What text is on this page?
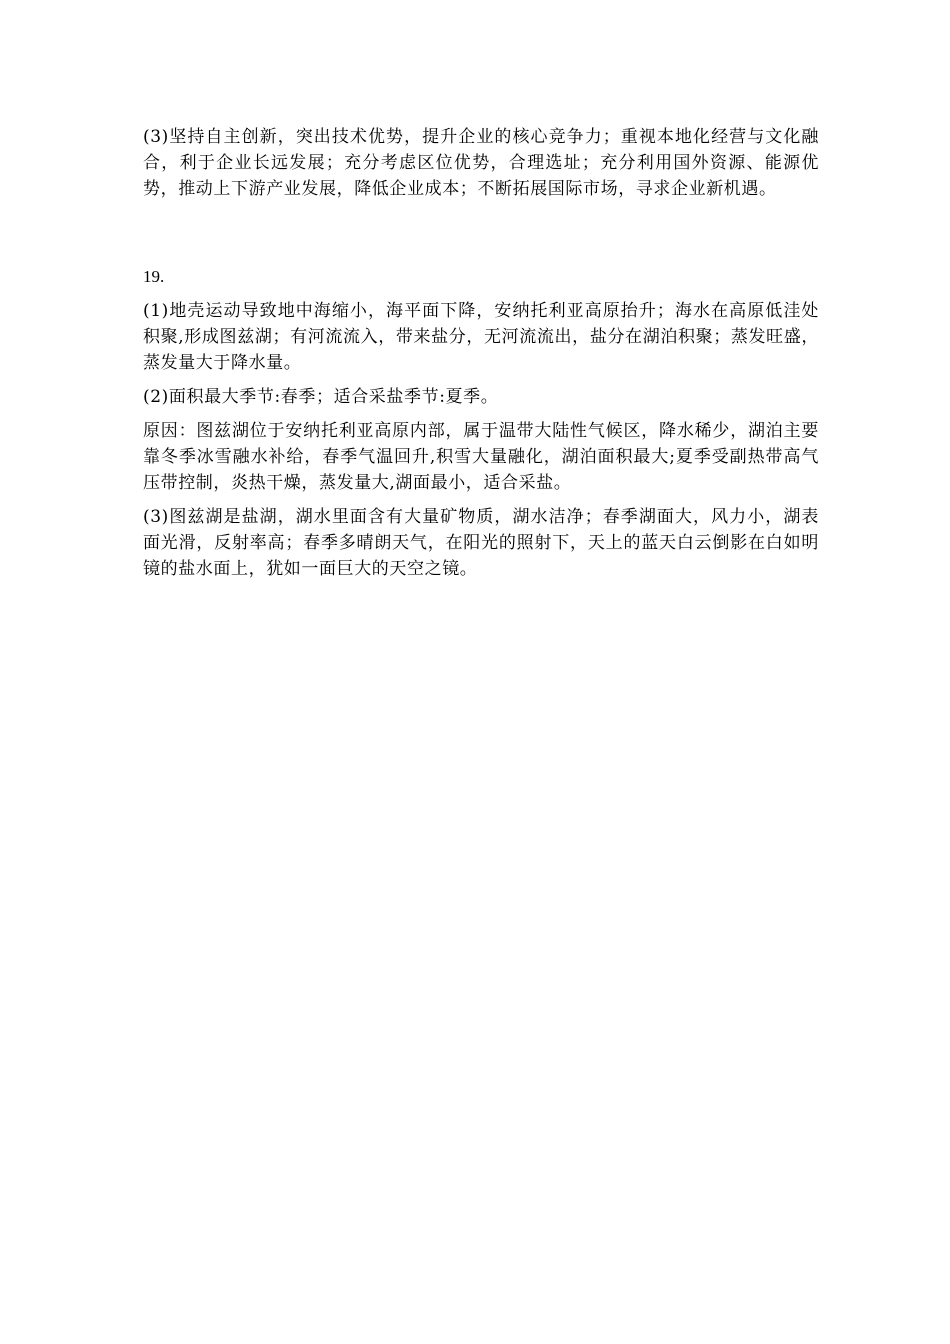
(3)坚持自主创新，突出技术优势，提升企业的核心竞争力；重视本地化经营与文化融合，利于企业长远发展；充分考虑区位优势，合理选址；充分利用国外资源、能源优势，推动上下游产业发展，降低企业成本；不断拓展国际市场，寻求企业新机遇。

19.

(1)地壳运动导致地中海缩小，海平面下降，安纳托利亚高原抬升；海水在高原低洼处积聚,形成图兹湖；有河流流入，带来盐分，无河流流出，盐分在湖泊积聚；蒸发旺盛，蒸发量大于降水量。

(2)面积最大季节:春季；适合采盐季节:夏季。

原因：图兹湖位于安纳托利亚高原内部，属于温带大陆性气候区，降水稀少，湖泊主要靠冬季冰雪融水补给，春季气温回升,积雪大量融化，湖泊面积最大;夏季受副热带高气压带控制，炎热干燥，蒸发量大,湖面最小，适合采盐。

(3)图兹湖是盐湖，湖水里面含有大量矿物质，湖水洁净；春季湖面大，风力小，湖表面光滑，反射率高；春季多晴朗天气，在阳光的照射下，天上的蓝天白云倒影在白如明镜的盐水面上，犹如一面巨大的天空之镜。
